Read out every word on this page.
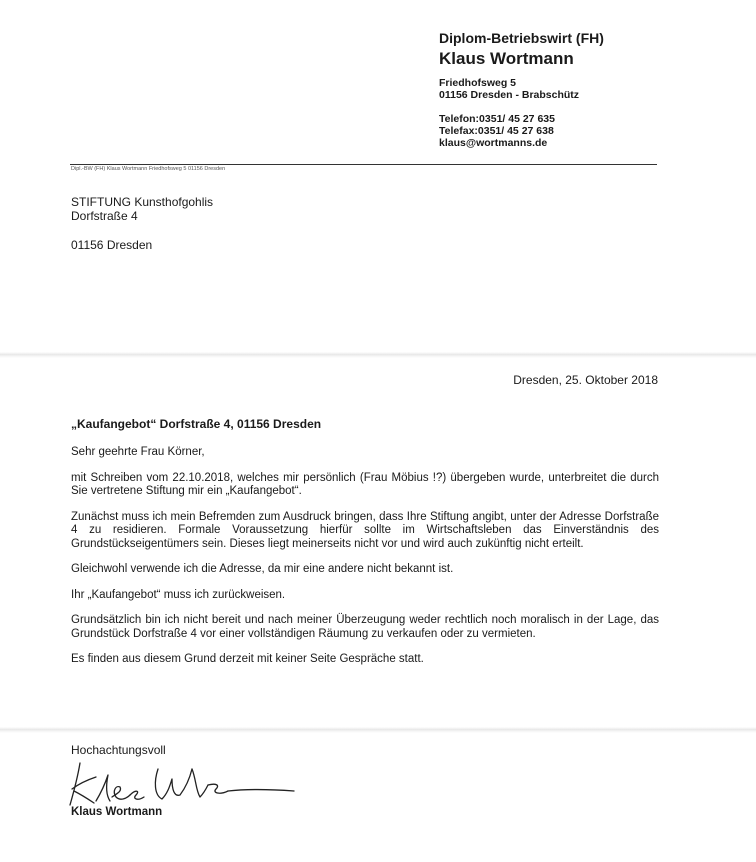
Diplom-Betriebswirt (FH)

Klaus Wortmann

Friedhofsweg 5

01156 Dresden - Brabschütz

Telefon:0351/ 45 27 635

Telefax:0351/ 45 27 638

klaus@wortmanns.de

Dipl.-BW (FH) Klaus Wortmann Friedhofsweg 5 01156 Dresden
STIFTUNG Kunsthofgohlis
Dorfstraße 4
01156 Dresden
Dresden, 25. Oktober 2018
„Kaufangebot“ Dorfstraße 4, 01156 Dresden

Sehr geehrte Frau Körner,

mit Schreiben vom 22.10.2018, welches mir persönlich (Frau Möbius !?) übergeben wurde, unterbreitet die durch Sie vertretene Stiftung mir ein „Kaufangebot“.

Zunächst muss ich mein Befremden zum Ausdruck bringen, dass Ihre Stiftung angibt, unter der Adresse Dorfstraße 4 zu residieren. Formale Voraussetzung hierfür sollte im Wirtschaftsleben das Einverständnis des Grundstückseigentümers sein. Dieses liegt meinerseits nicht vor und wird auch zukünftig nicht erteilt.

Gleichwohl verwende ich die Adresse, da mir eine andere nicht bekannt ist.

Ihr „Kaufangebot“ muss ich zurückweisen.

Grundsätzlich bin ich nicht bereit und nach meiner Überzeugung weder rechtlich noch moralisch in der Lage, das Grundstück Dorfstraße 4 vor einer vollständigen Räumung zu verkaufen oder zu vermieten.

Es finden aus diesem Grund derzeit mit keiner Seite Gespräche statt.

Hochachtungsvoll
Klaus Wortmann
